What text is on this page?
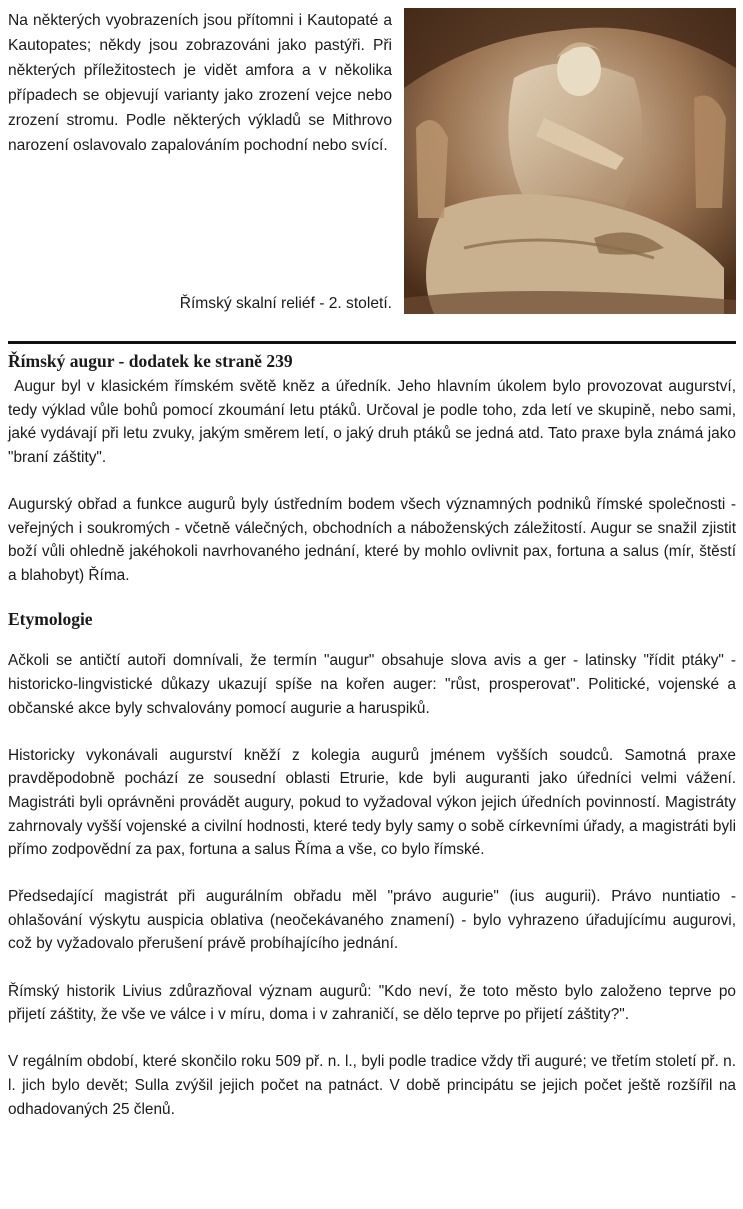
Na některých vyobrazeních jsou přítomni i Kautopaté a Kautopates; někdy jsou zobrazováni jako pastýři. Při některých příležitostech je vidět amfora a v několika případech se objevují varianty jako zrození vejce nebo zrození stromu. Podle některých výkladů se Mithrovo narození oslavovalo zapalováním pochodní nebo svící.

Římský skalní reliéf - 2. století.

Římský augur - dodatek ke straně 239

Augur byl v klasickém římském světě kněz a úředník. Jeho hlavním úkolem bylo provozovat augurství, tedy výklad vůle bohů pomocí zkoumání letu ptáků. Určoval je podle toho, zda letí ve skupině, nebo sami, jaké vydávají při letu zvuky, jakým směrem letí, o jaký druh ptáků se jedná atd. Tato praxe byla známá jako "braní záštity".

Augurský obřad a funkce augurů byly ústředním bodem všech významných podniků římské společnosti - veřejných i soukromých - včetně válečných, obchodních a náboženských záležitostí. Augur se snažil zjistit boží vůli ohledně jakéhokoli navrhovaného jednání, které by mohlo ovlivnit pax, fortuna a salus (mír, štěstí a blahobyt) Říma.

Etymologie

Ačkoli se antičtí autoři domnívali, že termín "augur" obsahuje slova avis a ger - latinsky "řídit ptáky" - historicko-lingvistické důkazy ukazují spíše na kořen auger: "růst, prosperovat". Politické, vojenské a občanské akce byly schvalovány pomocí augurie a haruspiků.

Historicky vykonávali augurství kněží z kolegia augurů jménem vyšších soudců. Samotná praxe pravděpodobně pochází ze sousední oblasti Etrurie, kde byli auguranti jako úředníci velmi vážení. Magistráti byli oprávněni provádět augury, pokud to vyžadoval výkon jejich úředních povinností. Magistráty zahrnovaly vyšší vojenské a civilní hodnosti, které tedy byly samy o sobě církevními úřady, a magistráti byli přímo zodpovědní za pax, fortuna a salus Říma a vše, co bylo římské.

Předsedající magistrát při augurálním obřadu měl "právo augurie" (ius augurii). Právo nuntiatio - ohlašování výskytu auspicia oblativa (neočekávaného znamení) - bylo vyhrazeno úřadujícímu augurovi, což by vyžadovalo přerušení právě probíhajícího jednání.

Římský historik Livius zdůrazňoval význam augurů: "Kdo neví, že toto město bylo založeno teprve po přijetí záštity, že vše ve válce i v míru, doma i v zahraničí, se dělo teprve po přijetí záštity?".

V regálním období, které skončilo roku 509 př. n. l., byli podle tradice vždy tři auguré; ve třetím století př. n. l. jich bylo devět; Sulla zvýšil jejich počet na patnáct. V době principátu se jejich počet ještě rozšířil na odhadovaných 25 členů.
